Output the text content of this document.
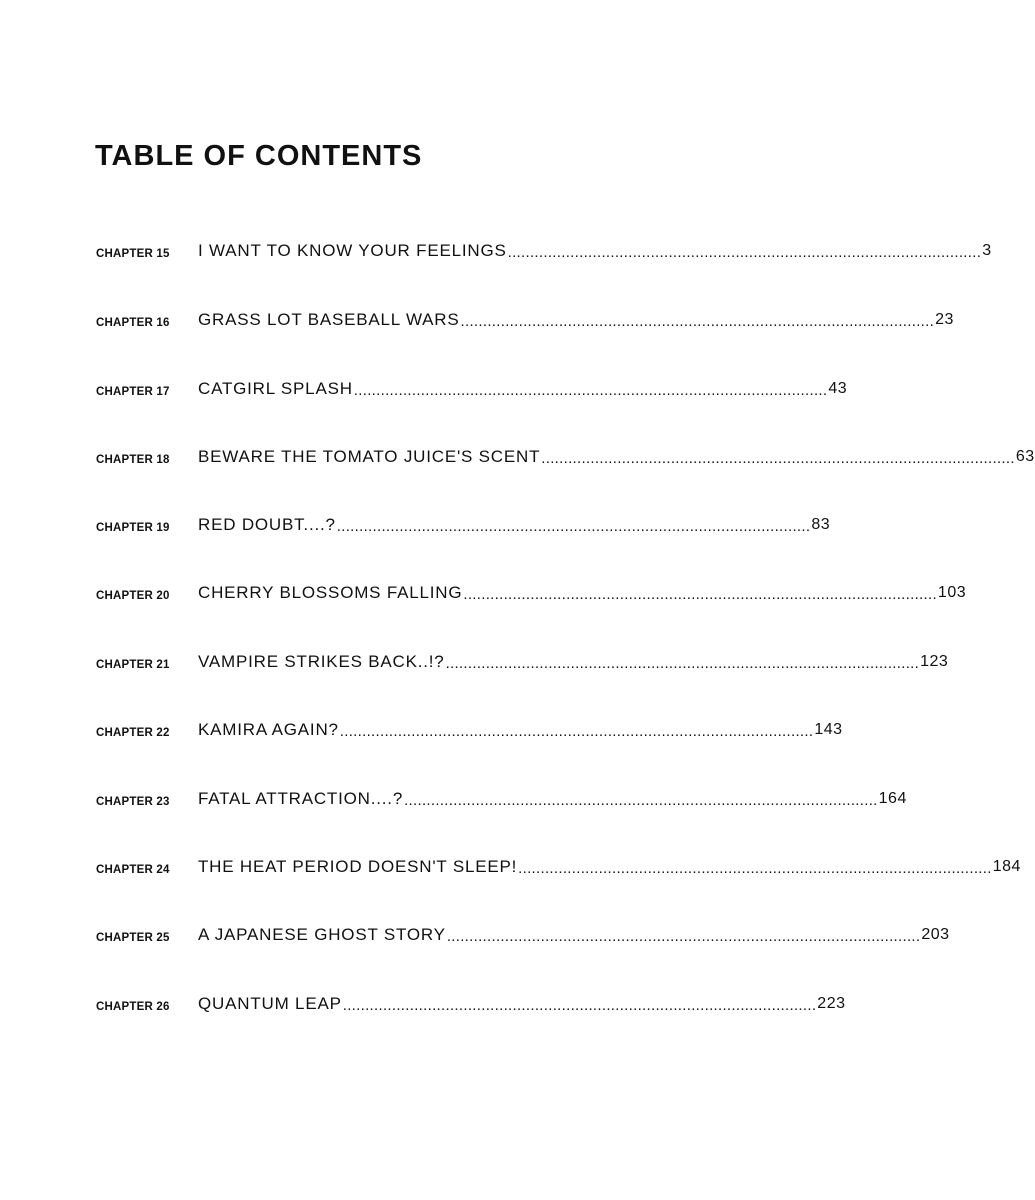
TABLE OF CONTENTS
CHAPTER 15	I WANT TO KNOW YOUR FEELINGS .......................................................................................................... 3
CHAPTER 16	GRASS LOT BASEBALL WARS .......................................................................................................... 23
CHAPTER 17	CATGIRL SPLASH .......................................................................................................... 43
CHAPTER 18	BEWARE THE TOMATO JUICE'S SCENT .......................................................................................................... 63
CHAPTER 19	RED DOUBT....? .......................................................................................................... 83
CHAPTER 20	CHERRY BLOSSOMS FALLING .......................................................................................................... 103
CHAPTER 21	VAMPIRE STRIKES BACK..!? .......................................................................................................... 123
CHAPTER 22	KAMIRA AGAIN? .......................................................................................................... 143
CHAPTER 23	FATAL ATTRACTION....? .......................................................................................................... 164
CHAPTER 24	THE HEAT PERIOD DOESN'T SLEEP! .......................................................................................................... 184
CHAPTER 25	A JAPANESE GHOST STORY .......................................................................................................... 203
CHAPTER 26	QUANTUM LEAP .......................................................................................................... 223
